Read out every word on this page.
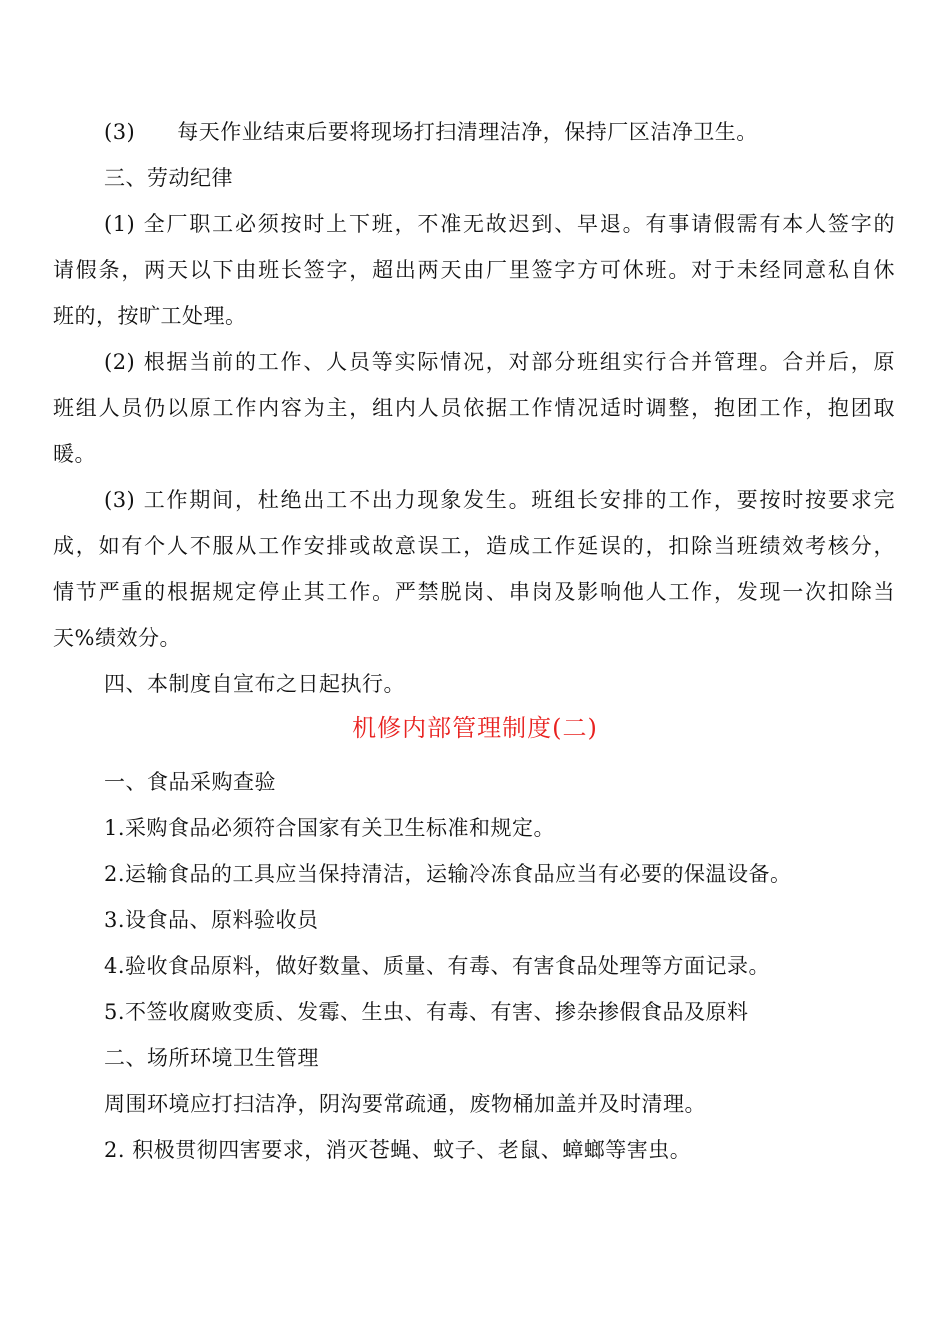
(3) 每天作业结束后要将现场打扫清理洁净，保持厂区洁净卫生。
三、劳动纪律
(1) 全厂职工必须按时上下班，不准无故迟到、早退。有事请假需有本人签字的
请假条，两天以下由班长签字，超出两天由厂里签字方可休班。对于未经同意私自休
班的，按旷工处理。
(2) 根据当前的工作、人员等实际情况，对部分班组实行合并管理。合并后，原
班组人员仍以原工作内容为主，组内人员依据工作情况适时调整，抱团工作，抱团取
暖。
(3) 工作期间，杜绝出工不出力现象发生。班组长安排的工作，要按时按要求完
成，如有个人不服从工作安排或故意误工，造成工作延误的，扣除当班绩效考核分，
情节严重的根据规定停止其工作。严禁脱岗、串岗及影响他人工作，发现一次扣除当
天%绩效分。
四、本制度自宣布之日起执行。
机修内部管理制度(二)
一、食品采购查验
1.采购食品必须符合国家有关卫生标准和规定。
2.运输食品的工具应当保持清洁，运输冷冻食品应当有必要的保温设备。
3.设食品、原料验收员
4.验收食品原料，做好数量、质量、有毒、有害食品处理等方面记录。
5.不签收腐败变质、发霉、生虫、有毒、有害、掺杂掺假食品及原料
二、场所环境卫生管理
周围环境应打扫洁净，阴沟要常疏通，废物桶加盖并及时清理。
2. 积极贯彻四害要求，消灭苍蝇、蚊子、老鼠、蟑螂等害虫。
